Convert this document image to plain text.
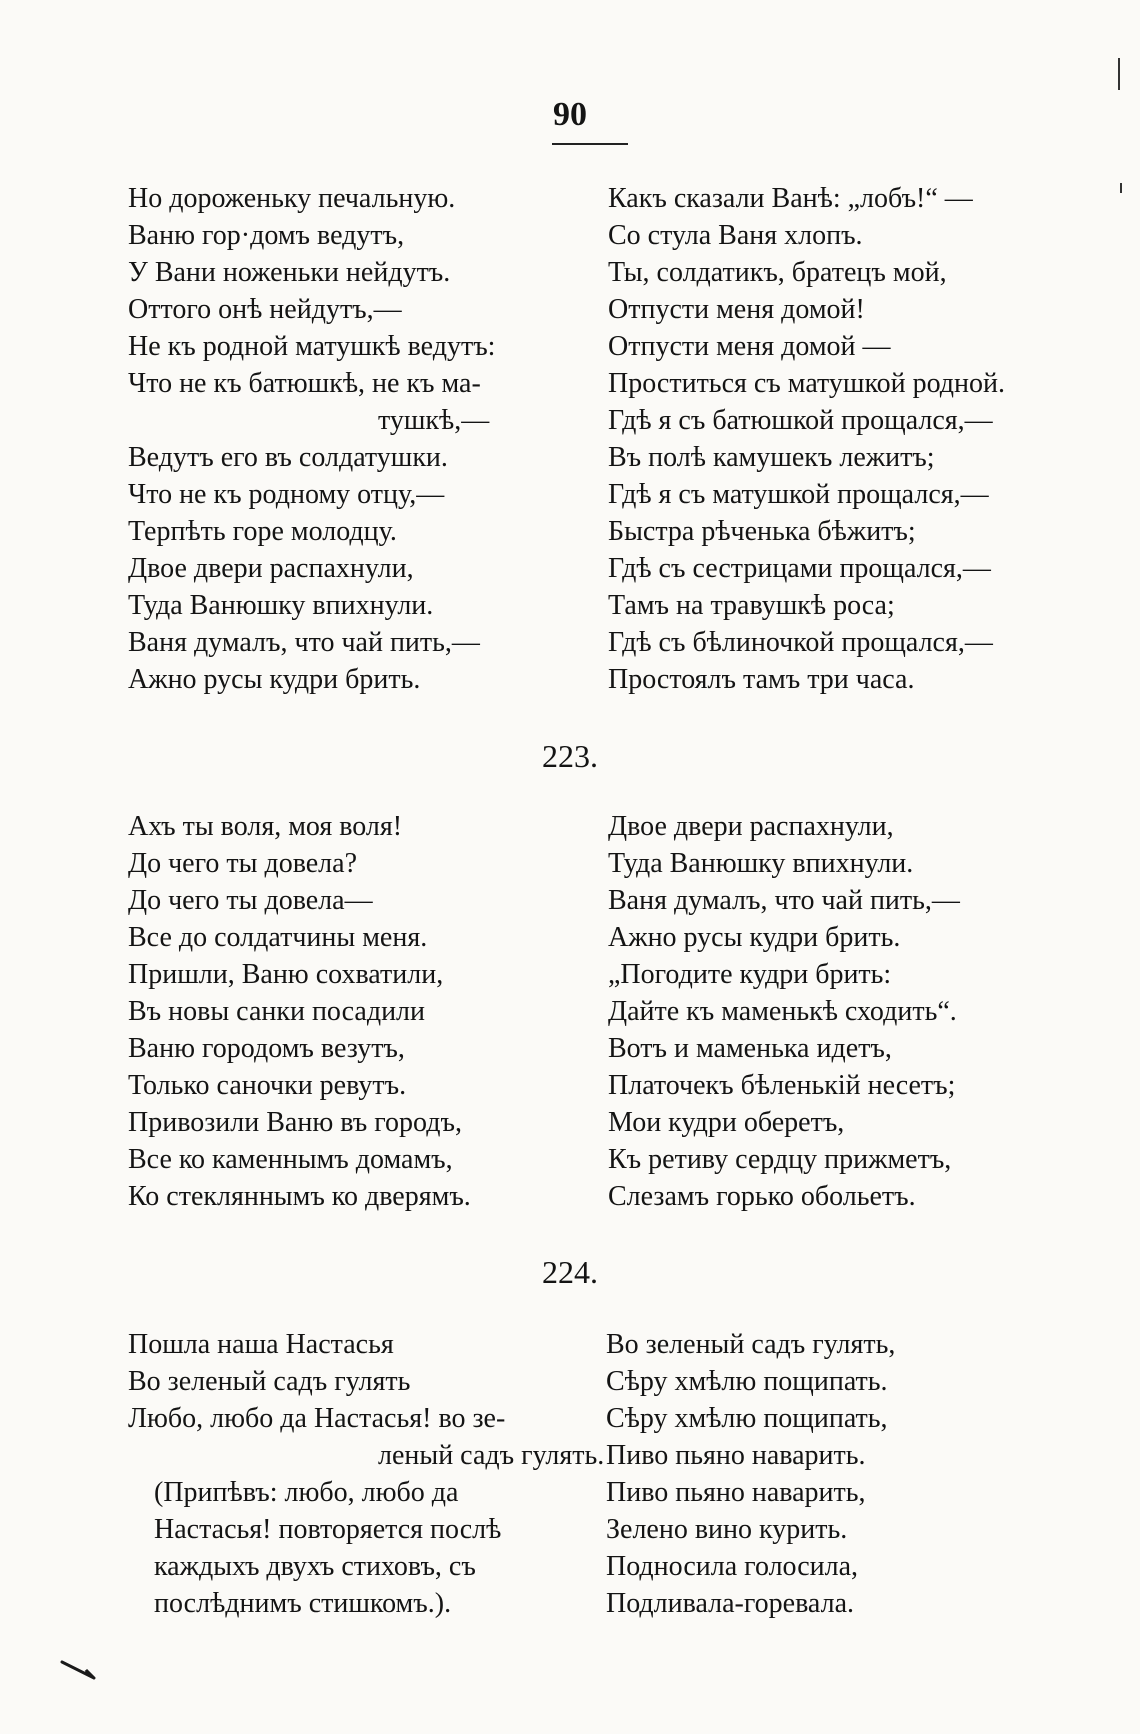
90
Но дороженьку печальную.
Ваню гор·домъ ведутъ,
У Вани ноженьки нейдутъ.
Оттого онѣ нейдутъ,—
Не къ родной матушкѣ ведутъ:
Что не къ батюшкѣ, не къ ма-
тушкѣ,—
Ведутъ его въ солдатушки.
Что не къ родному отцу,—
Терпѣть горе молодцу.
Двое двери распахнули,
Туда Ванюшку впихнули.
Ваня думалъ, что чай пить,—
Ажно русы кудри брить.
Какъ сказали Ванѣ: „лобъ!“ —
Со стула Ваня хлопъ.
Ты, солдатикъ, братецъ мой,
Отпусти меня домой!
Отпусти меня домой —
Проститься съ матушкой родной.
Гдѣ я съ батюшкой прощался,—
Въ полѣ камушекъ лежитъ;
Гдѣ я съ матушкой прощался,—
Быстра рѣченька бѣжитъ;
Гдѣ съ сестрицами прощался,—
Тамъ на травушкѣ роса;
Гдѣ съ бѣлиночкой прощался,—
Простоялъ тамъ три часа.
223.
Ахъ ты воля, моя воля!
До чего ты довела?
До чего ты довела—
Все до солдатчины меня.
Пришли, Ваню сохватили,
Въ новы санки посадили
Ваню городомъ везутъ,
Только саночки ревутъ.
Привозили Ваню въ городъ,
Все ко каменнымъ домамъ,
Ко стекляннымъ ко дверямъ.
Двое двери распахнули,
Туда Ванюшку впихнули.
Ваня думалъ, что чай пить,—
Ажно русы кудри брить.
„Погодите кудри брить:
Дайте къ маменькѣ сходить“.
Вотъ и маменька идетъ,
Платочекъ бѣленькій несетъ;
Мои кудри оберетъ,
Къ ретиву сердцу прижметъ,
Слезамъ горько обольетъ.
224.
Пошла наша Настасья
Во зеленый садъ гулять
Любо, любо да Настасья! во зе-
леный садъ гулять.
(Припѣвъ: любо, любо да
Настасья! повторяется послѣ
каждыхъ двухъ стиховъ, съ
послѣднимъ стишкомъ.).
Во зеленый садъ гулять,
Сѣру хмѣлю пощипать.
Сѣру хмѣлю пощипать,
Пиво пьяно наварить.
Пиво пьяно наварить,
Зелено вино курить.
Подносила голосила,
Подливала-горевала.
